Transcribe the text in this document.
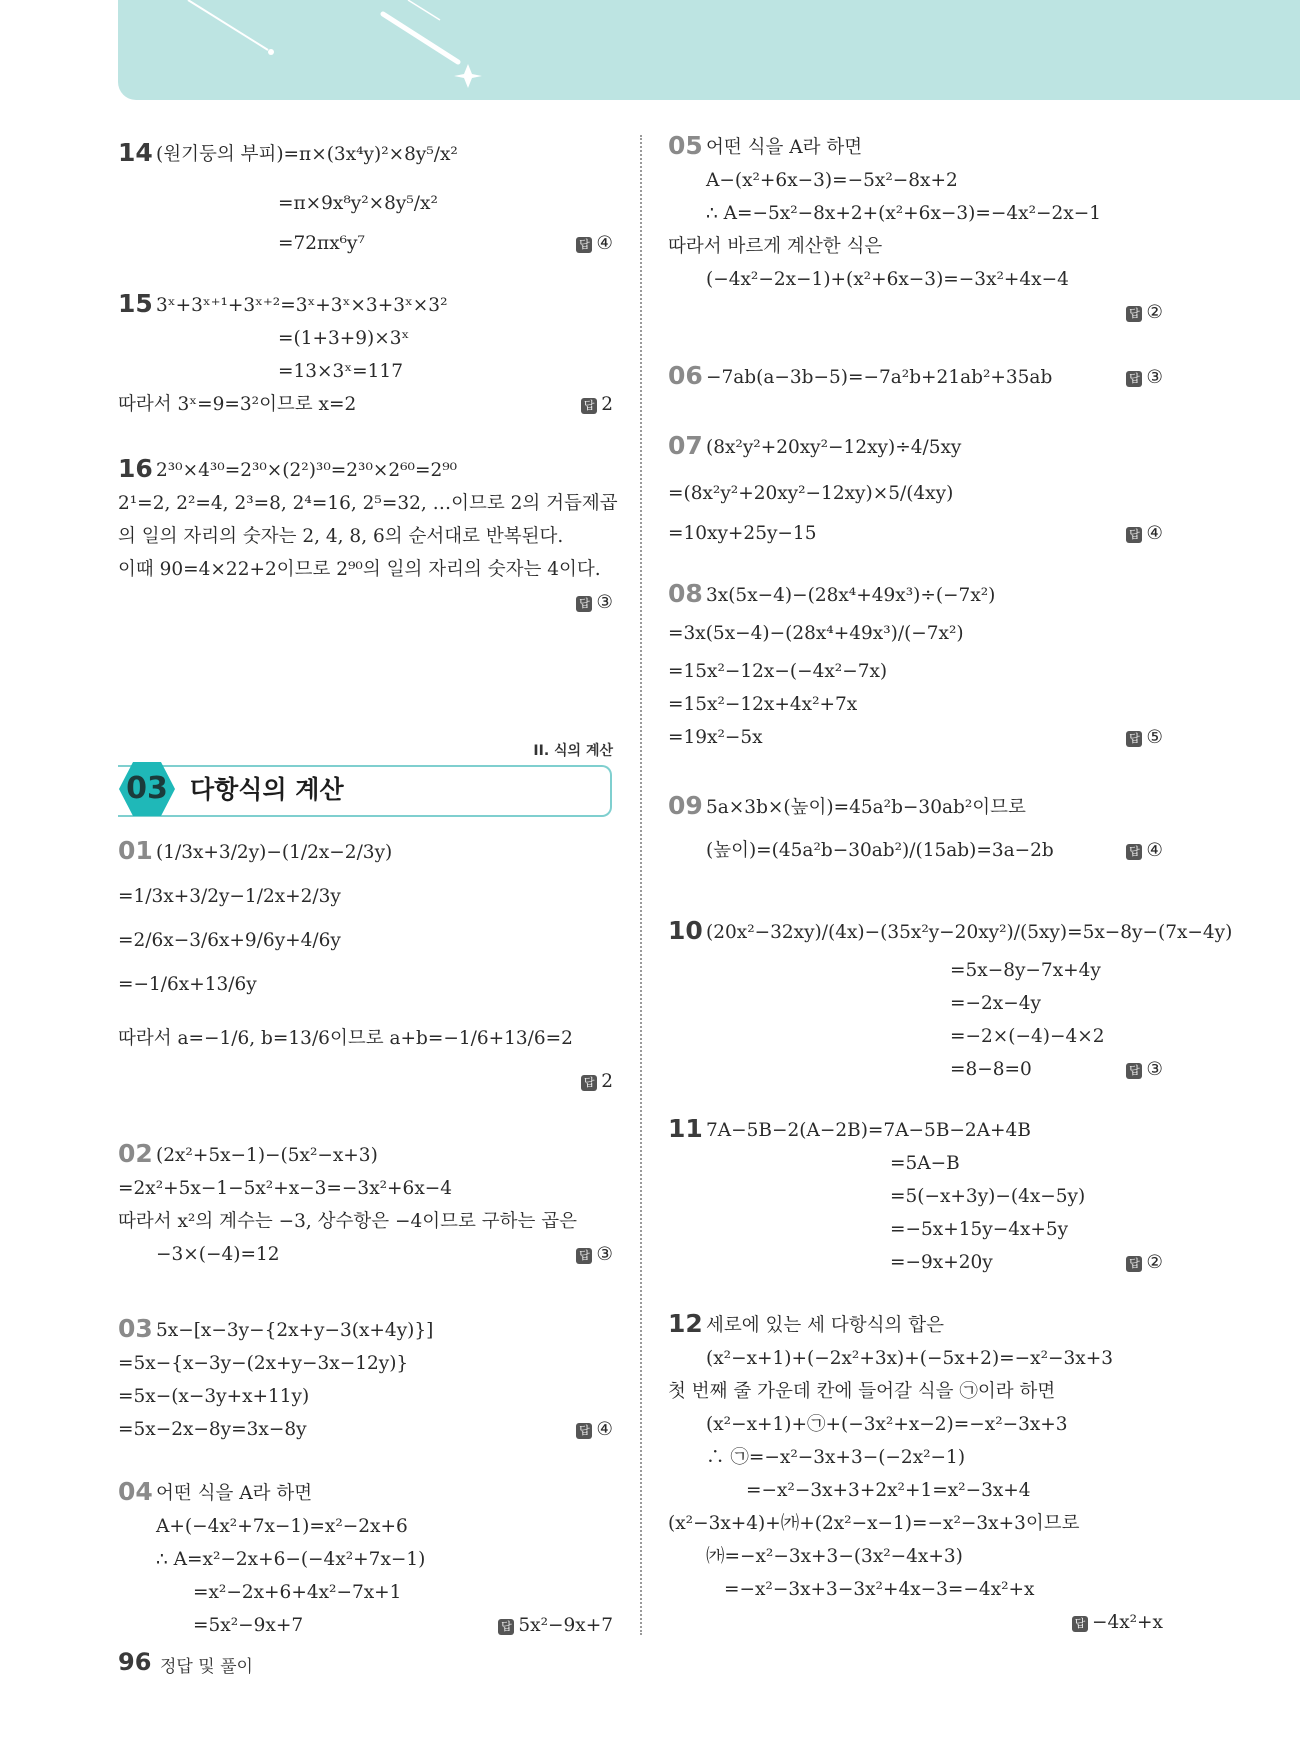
14 (원기둥의 부피)=π×(3x⁴y)²×8y⁵/x²
=π×9x⁸y²×8y⁵/x²
=72πx⁶y⁷	답 ④
15 3ˣ+3ˣ⁺¹+3ˣ⁺²=3ˣ+3ˣ×3+3ˣ×3²
=(1+3+9)×3ˣ
=13×3ˣ=117
따라서 3ˣ=9=3²이므로 x=2	답 2
16 2³⁰×4³⁰=2³⁰×(2²)³⁰=2³⁰×2⁶⁰=2⁹⁰
2¹=2, 2²=4, 2³=8, 2⁴=16, 2⁵=32, …이므로 2의 거듭제곱
의 일의 자리의 숫자는 2, 4, 8, 6의 순서대로 반복된다.
이때 90=4×22+2이므로 2⁹⁰의 일의 자리의 숫자는 4이다.
답 ③
II. 식의 계산
03 다항식의 계산
01 (1/3x+3/2y)−(1/2x−2/3y)
=1/3x+3/2y−1/2x+2/3y
=2/6x−3/6x+9/6y+4/6y
=−1/6x+13/6y
따라서 a=−1/6, b=13/6이므로 a+b=−1/6+13/6=2
답 2
02 (2x²+5x−1)−(5x²−x+3)
=2x²+5x−1−5x²+x−3=−3x²+6x−4
따라서 x²의 계수는 −3, 상수항은 −4이므로 구하는 곱은
−3×(−4)=12	답 ③
03 5x−[x−3y−{2x+y−3(x+4y)}]
=5x−{x−3y−(2x+y−3x−12y)}
=5x−(x−3y+x+11y)
=5x−2x−8y=3x−8y	답 ④
04 어떤 식을 A라 하면
A+(−4x²+7x−1)=x²−2x+6
∴ A=x²−2x+6−(−4x²+7x−1)
=x²−2x+6+4x²−7x+1
=5x²−9x+7	답 5x²−9x+7
05 어떤 식을 A라 하면
A−(x²+6x−3)=−5x²−8x+2
∴ A=−5x²−8x+2+(x²+6x−3)=−4x²−2x−1
따라서 바르게 계산한 식은
(−4x²−2x−1)+(x²+6x−3)=−3x²+4x−4
답 ②
06 −7ab(a−3b−5)=−7a²b+21ab²+35ab	답 ③
07 (8x²y²+20xy²−12xy)÷4/5xy
=(8x²y²+20xy²−12xy)×5/(4xy)
=10xy+25y−15	답 ④
08 3x(5x−4)−(28x⁴+49x³)÷(−7x²)
=3x(5x−4)−(28x⁴+49x³)/(−7x²)
=15x²−12x−(−4x²−7x)
=15x²−12x+4x²+7x
=19x²−5x	답 ⑤
09 5a×3b×(높이)=45a²b−30ab²이므로
(높이)=(45a²b−30ab²)/(15ab)=3a−2b	답 ④
10 (20x²−32xy)/(4x)−(35x²y−20xy²)/(5xy)=5x−8y−(7x−4y)
=5x−8y−7x+4y
=−2x−4y
=−2×(−4)−4×2
=8−8=0	답 ③
11 7A−5B−2(A−2B)=7A−5B−2A+4B
=5A−B
=5(−x+3y)−(4x−5y)
=−5x+15y−4x+5y
=−9x+20y	답 ②
12 세로에 있는 세 다항식의 합은
(x²−x+1)+(−2x²+3x)+(−5x+2)=−x²−3x+3
첫 번째 줄 가운데 칸에 들어갈 식을 ㉠이라 하면
(x²−x+1)+㉠+(−3x²+x−2)=−x²−3x+3
∴ ㉠=−x²−3x+3−(−2x²−1)
=−x²−3x+3+2x²+1=x²−3x+4
(x²−3x+4)+㈎+(2x²−x−1)=−x²−3x+3이므로
㈎=−x²−3x+3−(3x²−4x+3)
=−x²−3x+3−3x²+4x−3=−4x²+x
답 −4x²+x
96 정답 및 풀이
